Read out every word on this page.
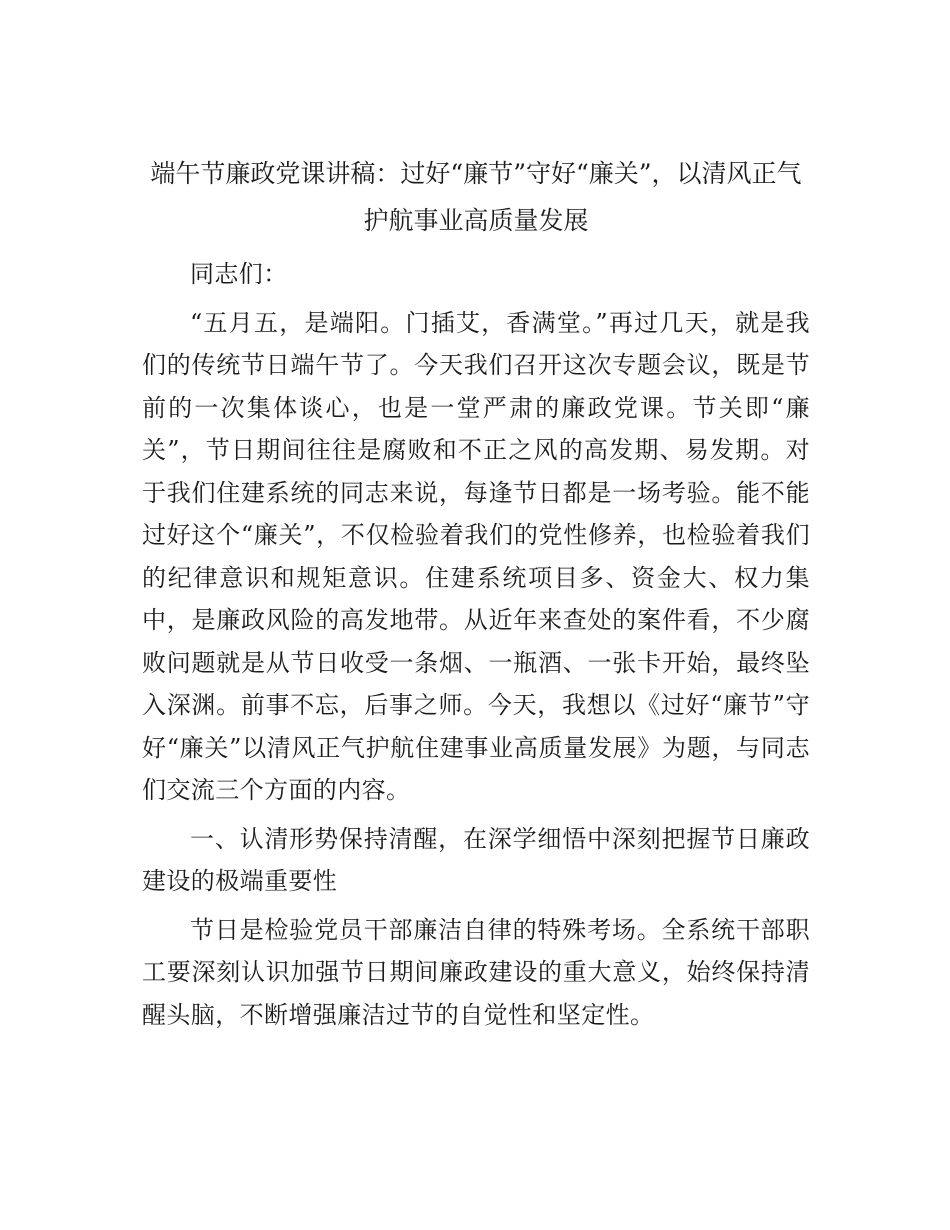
端午节廉政党课讲稿：过好“廉节”守好“廉关”，以清风正气护航事业高质量发展

同志们：

“五月五，是端阳。门插艾，香满堂。”再过几天，就是我们的传统节日端午节了。今天我们召开这次专题会议，既是节前的一次集体谈心，也是一堂严肃的廉政党课。节关即“廉关”，节日期间往往是腐败和不正之风的高发期、易发期。对于我们住建系统的同志来说，每逢节日都是一场考验。能不能过好这个“廉关”，不仅检验着我们的党性修养，也检验着我们的纪律意识和规矩意识。住建系统项目多、资金大、权力集中，是廉政风险的高发地带。从近年来查处的案件看，不少腐败问题就是从节日收受一条烟、一瓶酒、一张卡开始，最终坠入深渊。前事不忘，后事之师。今天，我想以《过好“廉节”守好“廉关”以清风正气护航住建事业高质量发展》为题，与同志们交流三个方面的内容。

一、认清形势保持清醒，在深学细悟中深刻把握节日廉政建设的极端重要性

节日是检验党员干部廉洁自律的特殊考场。全系统干部职工要深刻认识加强节日期间廉政建设的重大意义，始终保持清醒头脑，不断增强廉洁过节的自觉性和坚定性。
